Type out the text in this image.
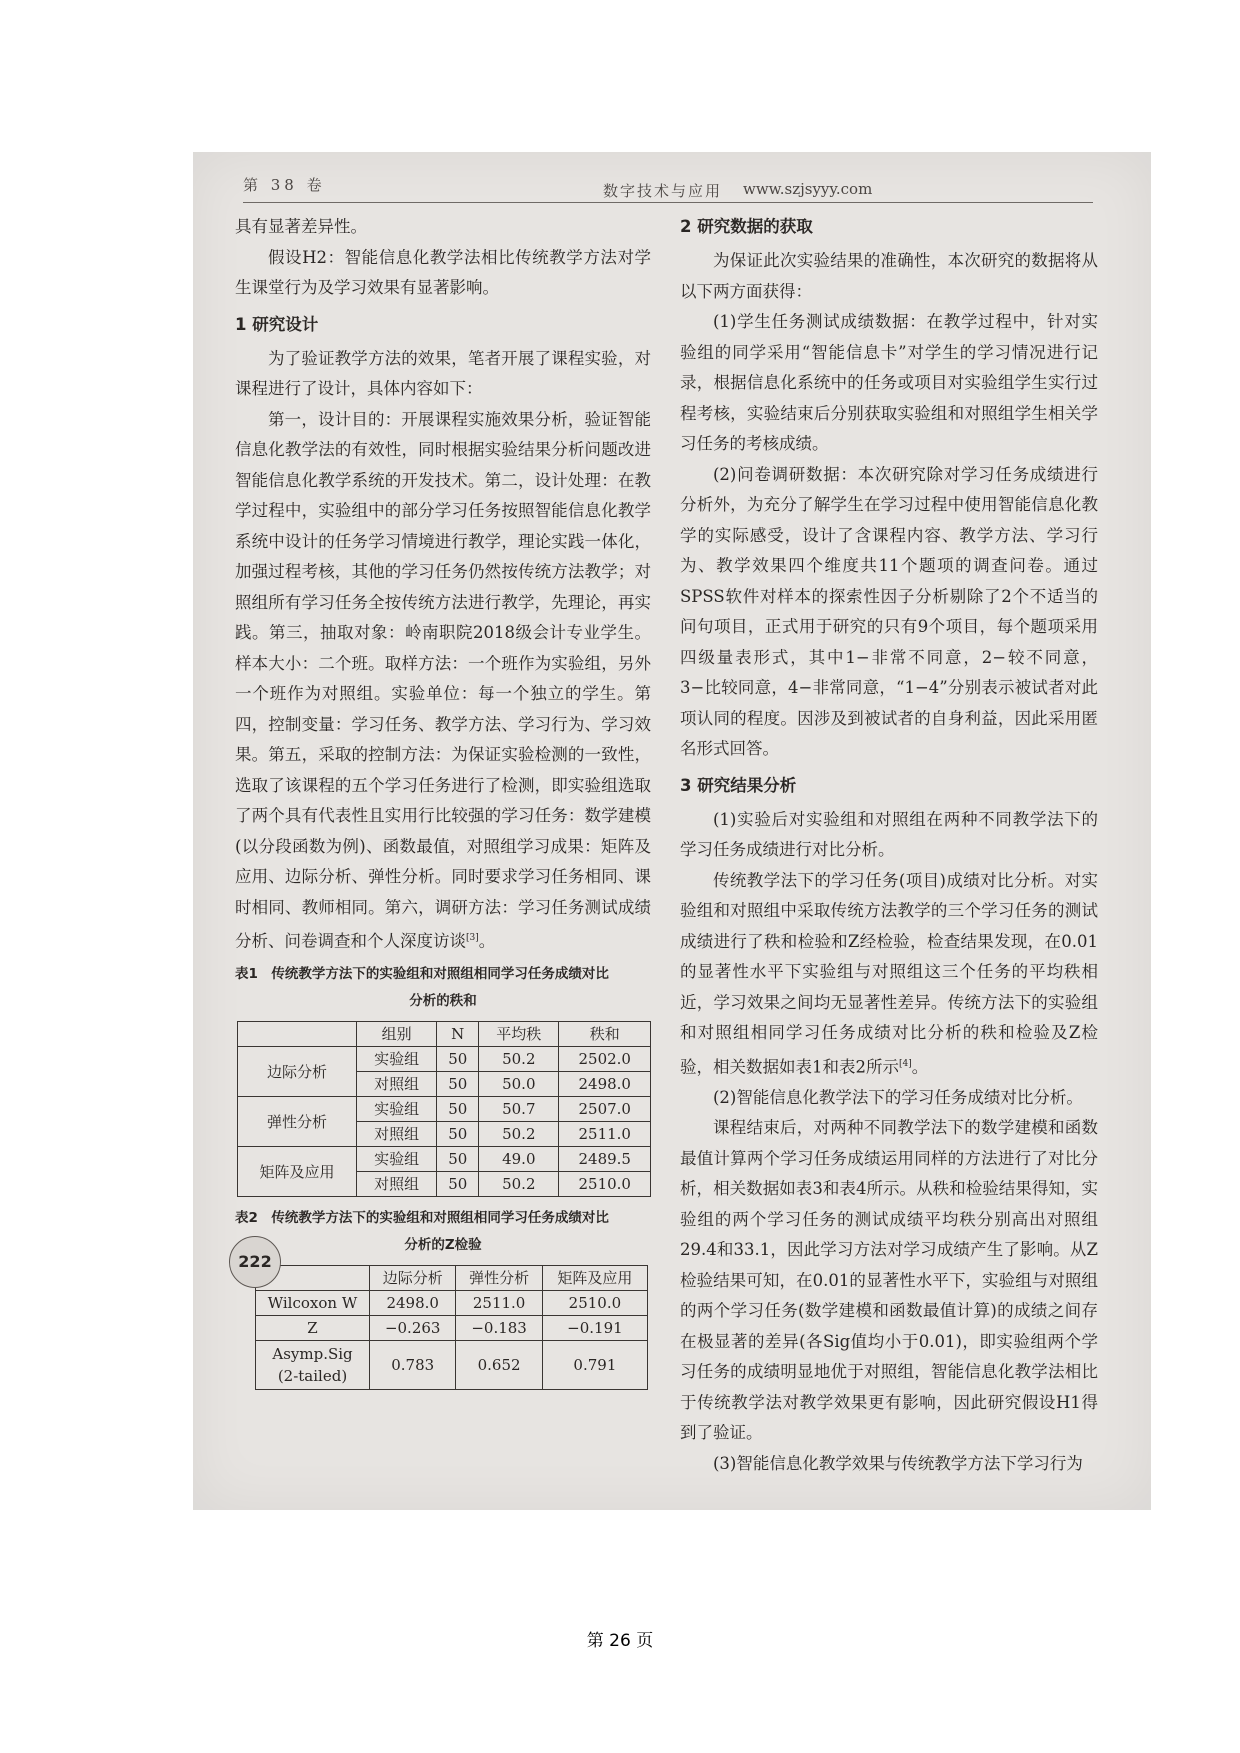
第 38 卷	数字技术与应用 www.szjsyyy.com

具有显著差异性。

假设H2：智能信息化教学法相比传统教学方法对学生课堂行为及学习效果有显著影响。

1 研究设计

为了验证教学方法的效果，笔者开展了课程实验，对课程进行了设计，具体内容如下：

第一，设计目的：开展课程实施效果分析，验证智能信息化教学法的有效性，同时根据实验结果分析问题改进智能信息化教学系统的开发技术。第二，设计处理：在教学过程中，实验组中的部分学习任务按照智能信息化教学系统中设计的任务学习情境进行教学，理论实践一体化，加强过程考核，其他的学习任务仍然按传统方法教学；对照组所有学习任务全按传统方法进行教学，先理论，再实践。第三，抽取对象：岭南职院2018级会计专业学生。样本大小：二个班。取样方法：一个班作为实验组，另外一个班作为对照组。实验单位：每一个独立的学生。第四，控制变量：学习任务、教学方法、学习行为、学习效果。第五，采取的控制方法：为保证实验检测的一致性，选取了该课程的五个学习任务进行了检测，即实验组选取了两个具有代表性且实用行比较强的学习任务：数学建模(以分段函数为例)、函数最值，对照组学习成果：矩阵及应用、边际分析、弹性分析。同时要求学习任务相同、课时相同、教师相同。第六，调研方法：学习任务测试成绩分析、问卷调查和个人深度访谈[3]。

表1　传统教学方法下的实验组和对照组相同学习任务成绩对比
分析的秩和
	组别	N	平均秩	秩和
边际分析	实验组	50	50.2	2502.0
	对照组	50	50.0	2498.0
弹性分析	实验组	50	50.7	2507.0
	对照组	50	50.2	2511.0
矩阵及应用	实验组	50	49.0	2489.5
	对照组	50	50.2	2510.0
表2　传统教学方法下的实验组和对照组相同学习任务成绩对比
分析的Z检验
	边际分析	弹性分析	矩阵及应用
Wilcoxon W	2498.0	2511.0	2510.0
Z	−0.263	−0.183	−0.191
Asymp.Sig (2-tailed)	0.783	0.652	0.791
222
2 研究数据的获取

为保证此次实验结果的准确性，本次研究的数据将从以下两方面获得：

(1)学生任务测试成绩数据：在教学过程中，针对实验组的同学采用“智能信息卡”对学生的学习情况进行记录，根据信息化系统中的任务或项目对实验组学生实行过程考核，实验结束后分别获取实验组和对照组学生相关学习任务的考核成绩。

(2)问卷调研数据：本次研究除对学习任务成绩进行分析外，为充分了解学生在学习过程中使用智能信息化教学的实际感受，设计了含课程内容、教学方法、学习行为、教学效果四个维度共11个题项的调查问卷。通过SPSS软件对样本的探索性因子分析剔除了2个不适当的问句项目，正式用于研究的只有9个项目，每个题项采用四级量表形式，其中1−非常不同意，2−较不同意，3−比较同意，4−非常同意，“1−4”分别表示被试者对此项认同的程度。因涉及到被试者的自身利益，因此采用匿名形式回答。

3 研究结果分析

(1)实验后对实验组和对照组在两种不同教学法下的学习任务成绩进行对比分析。

传统教学法下的学习任务(项目)成绩对比分析。对实验组和对照组中采取传统方法教学的三个学习任务的测试成绩进行了秩和检验和Z经检验，检查结果发现，在0.01的显著性水平下实验组与对照组这三个任务的平均秩相近，学习效果之间均无显著性差异。传统方法下的实验组和对照组相同学习任务成绩对比分析的秩和检验及Z检验，相关数据如表1和表2所示[4]。

(2)智能信息化教学法下的学习任务成绩对比分析。

课程结束后，对两种不同教学法下的数学建模和函数最值计算两个学习任务成绩运用同样的方法进行了对比分析，相关数据如表3和表4所示。从秩和检验结果得知，实验组的两个学习任务的测试成绩平均秩分别高出对照组29.4和33.1，因此学习方法对学习成绩产生了影响。从Z检验结果可知，在0.01的显著性水平下，实验组与对照组的两个学习任务(数学建模和函数最值计算)的成绩之间存在极显著的差异(各Sig值均小于0.01)，即实验组两个学习任务的成绩明显地优于对照组，智能信息化教学法相比于传统教学法对教学效果更有影响，因此研究假设H1得到了验证。

(3)智能信息化教学效果与传统教学方法下学习行为

第 26 页
